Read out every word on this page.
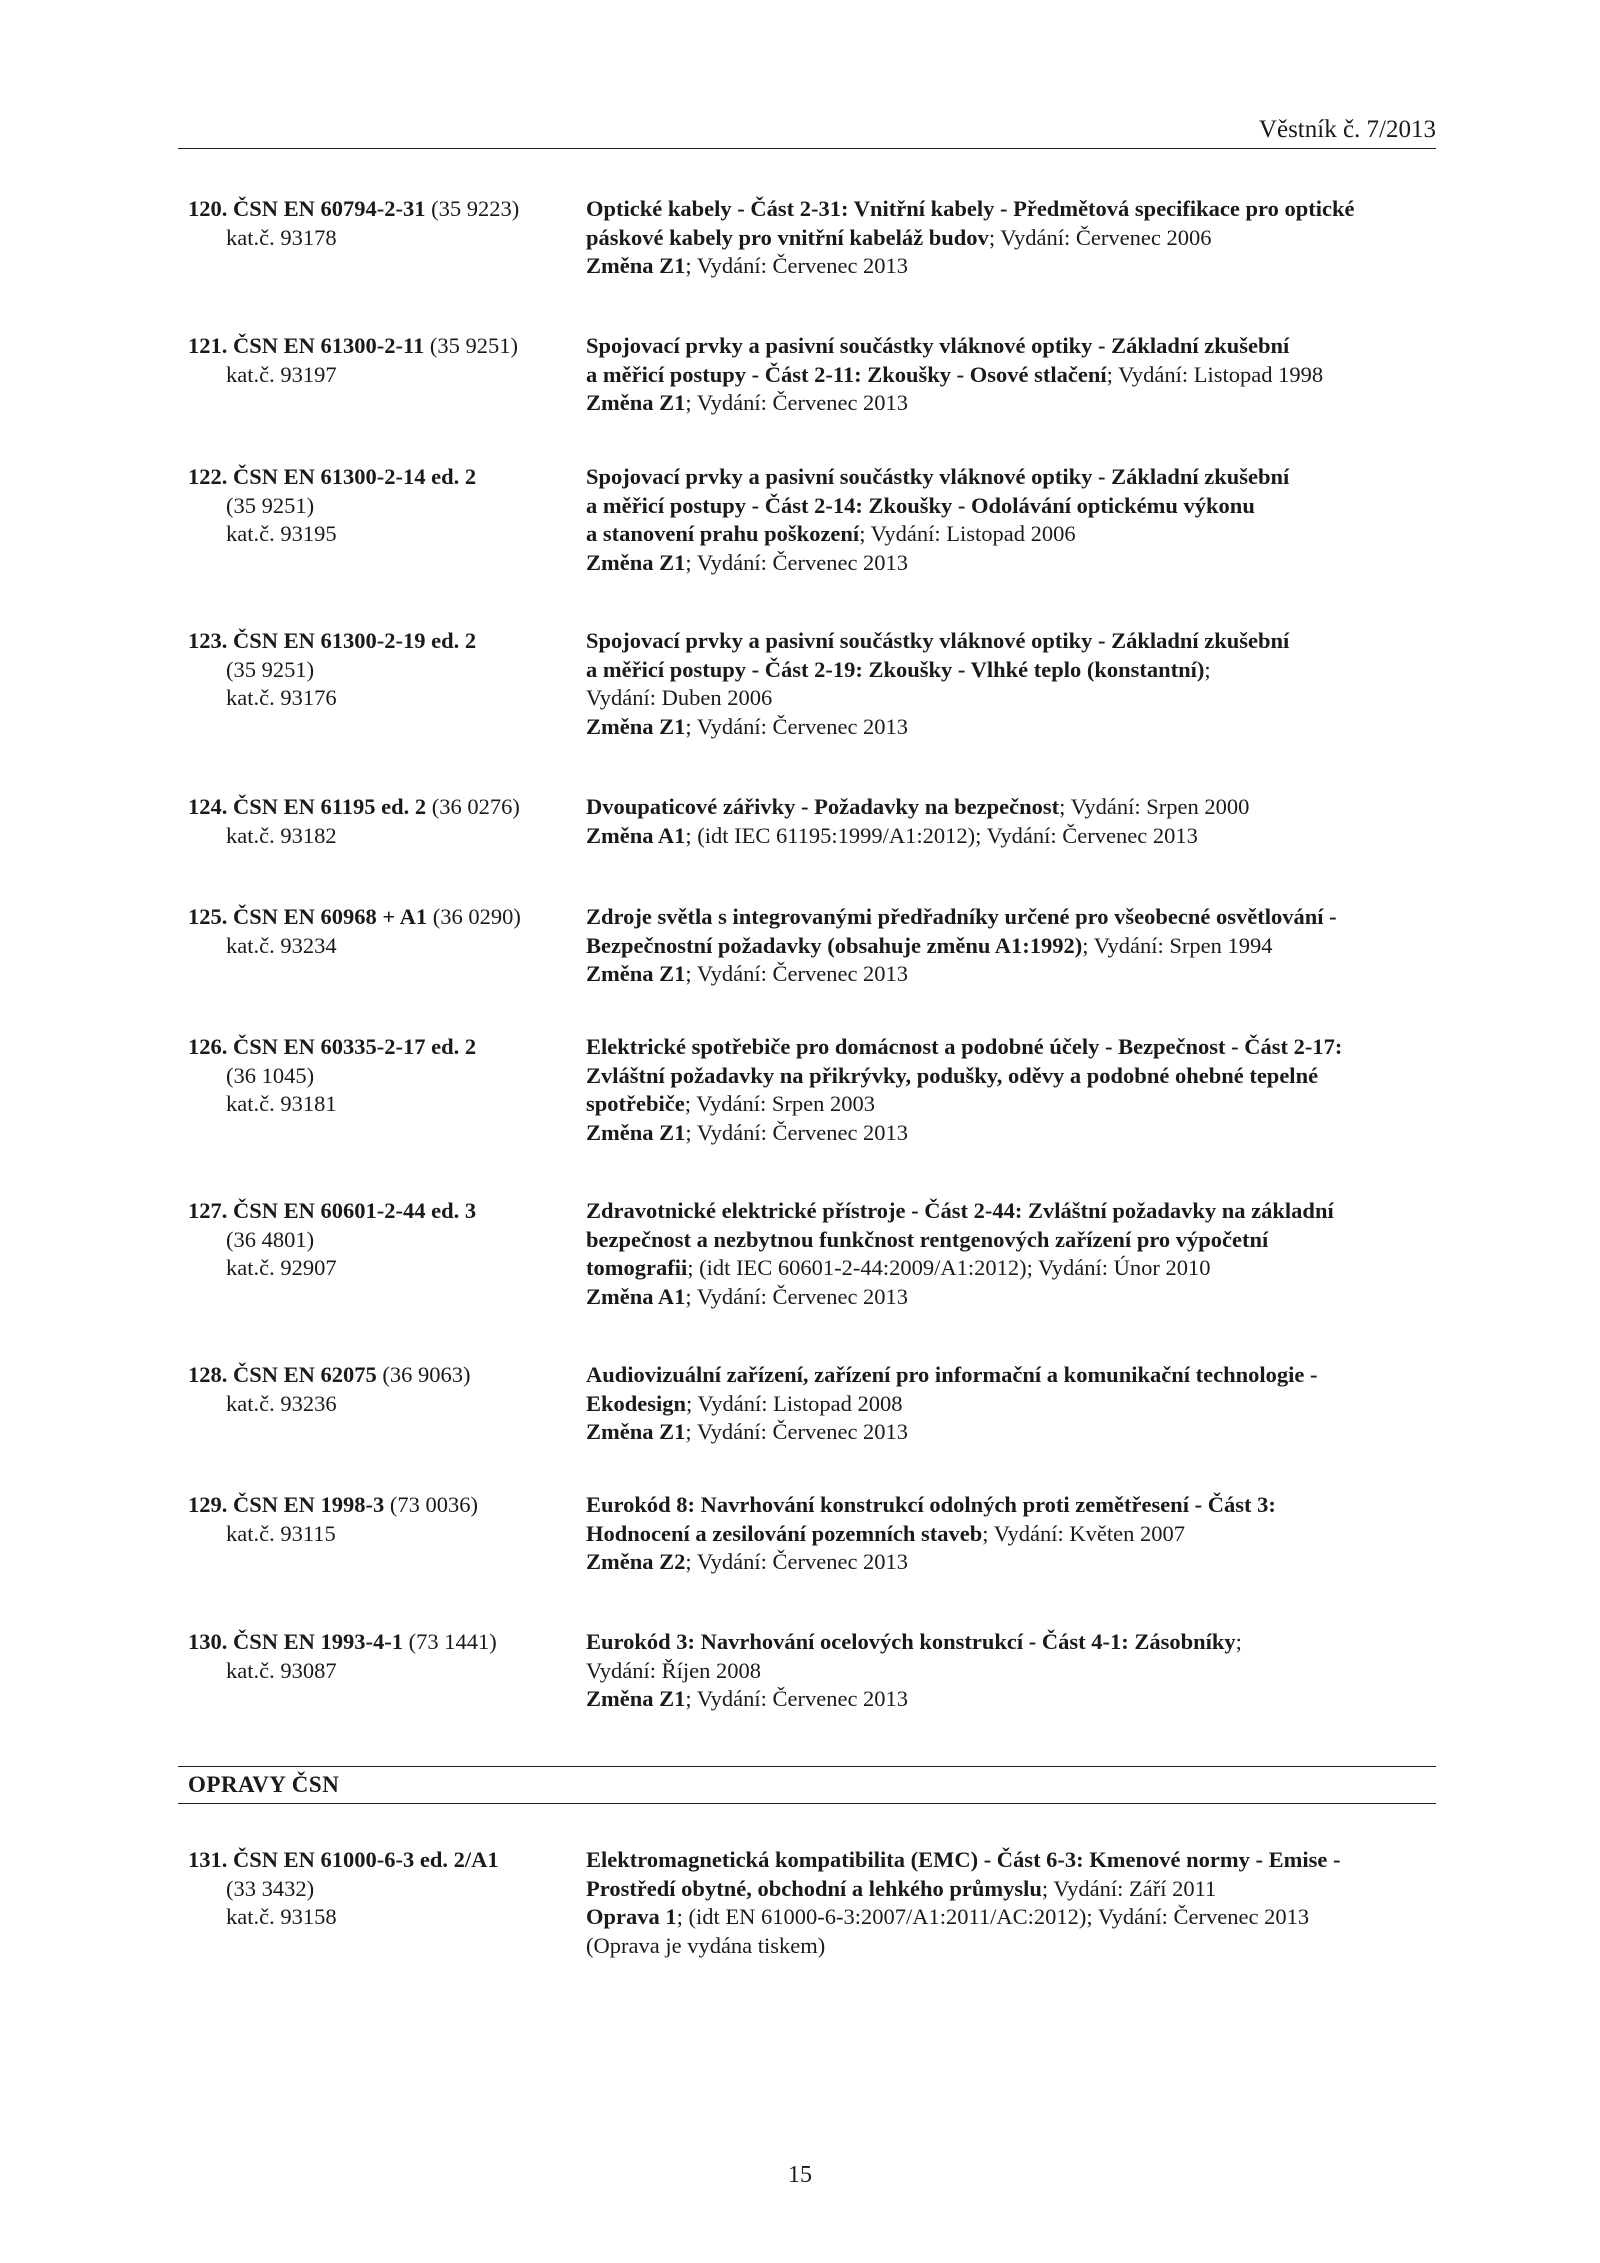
Věstník č. 7/2013
120. ČSN EN 60794-2-31 (35 9223)
kat.č. 93178
Optické kabely - Část 2-31: Vnitřní kabely - Předmětová specifikace pro optické
páskové kabely pro vnitřní kabeláž budov; Vydání: Červenec 2006
Změna Z1; Vydání: Červenec 2013
121. ČSN EN 61300-2-11 (35 9251)
kat.č. 93197
Spojovací prvky a pasivní součástky vláknové optiky - Základní zkušební
a měřicí postupy - Část 2-11: Zkoušky - Osové stlačení; Vydání: Listopad 1998
Změna Z1; Vydání: Červenec 2013
122. ČSN EN 61300-2-14 ed. 2
(35 9251)
kat.č. 93195
Spojovací prvky a pasivní součástky vláknové optiky - Základní zkušební
a měřicí postupy - Část 2-14: Zkoušky - Odolávání optickému výkonu
a stanovení prahu poškození; Vydání: Listopad 2006
Změna Z1; Vydání: Červenec 2013
123. ČSN EN 61300-2-19 ed. 2
(35 9251)
kat.č. 93176
Spojovací prvky a pasivní součástky vláknové optiky - Základní zkušební
a měřicí postupy - Část 2-19: Zkoušky - Vlhké teplo (konstantní);
Vydání: Duben 2006
Změna Z1; Vydání: Červenec 2013
124. ČSN EN 61195 ed. 2 (36 0276)
kat.č. 93182
Dvoupaticové zářivky - Požadavky na bezpečnost; Vydání: Srpen 2000
Změna A1; (idt IEC 61195:1999/A1:2012); Vydání: Červenec 2013
125. ČSN EN 60968 + A1 (36 0290)
kat.č. 93234
Zdroje světla s integrovanými předřadníky určené pro všeobecné osvětlování -
Bezpečnostní požadavky (obsahuje změnu A1:1992); Vydání: Srpen 1994
Změna Z1; Vydání: Červenec 2013
126. ČSN EN 60335-2-17 ed. 2
(36 1045)
kat.č. 93181
Elektrické spotřebiče pro domácnost a podobné účely - Bezpečnost - Část 2-17:
Zvláštní požadavky na přikrývky, podušky, oděvy a podobné ohebné tepelné
spotřebiče; Vydání: Srpen 2003
Změna Z1; Vydání: Červenec 2013
127. ČSN EN 60601-2-44 ed. 3
(36 4801)
kat.č. 92907
Zdravotnické elektrické přístroje - Část 2-44: Zvláštní požadavky na základní
bezpečnost a nezbytnou funkčnost rentgenových zařízení pro výpočetní
tomografii; (idt IEC 60601-2-44:2009/A1:2012); Vydání: Únor 2010
Změna A1; Vydání: Červenec 2013
128. ČSN EN 62075 (36 9063)
kat.č. 93236
Audiovizuální zařízení, zařízení pro informační a komunikační technologie -
Ekodesign; Vydání: Listopad 2008
Změna Z1; Vydání: Červenec 2013
129. ČSN EN 1998-3 (73 0036)
kat.č. 93115
Eurokód 8: Navrhování konstrukcí odolných proti zemětřesení - Část 3:
Hodnocení a zesilování pozemních staveb; Vydání: Květen 2007
Změna Z2; Vydání: Červenec 2013
130. ČSN EN 1993-4-1 (73 1441)
kat.č. 93087
Eurokód 3: Navrhování ocelových konstrukcí - Část 4-1: Zásobníky;
Vydání: Říjen 2008
Změna Z1; Vydání: Červenec 2013
131. ČSN EN 61000-6-3 ed. 2/A1
(33 3432)
kat.č. 93158
Elektromagnetická kompatibilita (EMC) - Část 6-3: Kmenové normy - Emise -
Prostředí obytné, obchodní a lehkého průmyslu; Vydání: Září 2011
Oprava 1; (idt EN 61000-6-3:2007/A1:2011/AC:2012); Vydání: Červenec 2013
(Oprava je vydána tiskem)
OPRAVY ČSN
15
